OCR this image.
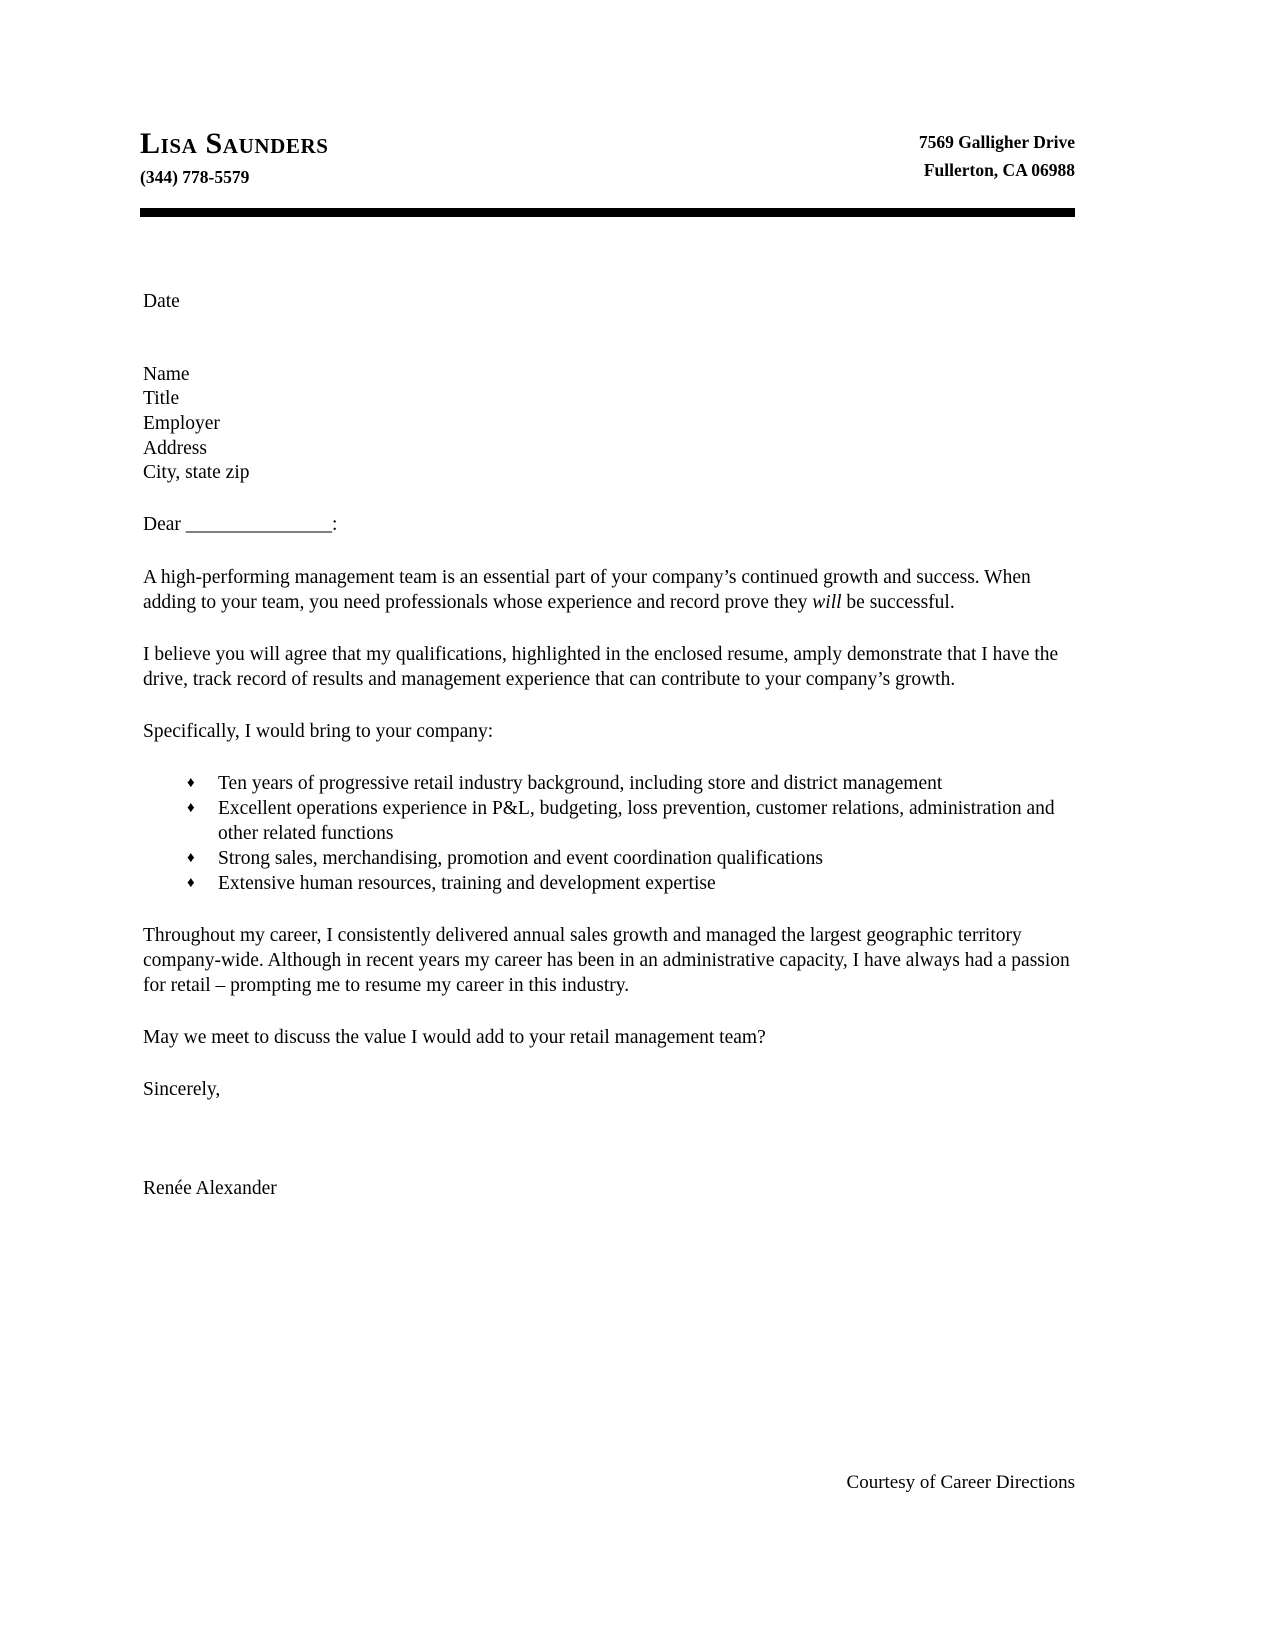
Lisa Saunders
(344) 778-5579
7569 Galligher Drive
Fullerton, CA 06988

Date

Name

Title

Employer

Address

City, state zip

Dear _______________:

A high-performing management team is an essential part of your company’s continued growth and success. When adding to your team, you need professionals whose experience and record prove they will be successful.

I believe you will agree that my qualifications, highlighted in the enclosed resume, amply demonstrate that I have the drive, track record of results and management experience that can contribute to your company’s growth.

Specifically, I would bring to your company:

♦ Ten years of progressive retail industry background, including store and district management
♦ Excellent operations experience in P&L, budgeting, loss prevention, customer relations, administration and other related functions
♦ Strong sales, merchandising, promotion and event coordination qualifications
♦ Extensive human resources, training and development expertise

Throughout my career, I consistently delivered annual sales growth and managed the largest geographic territory company-wide. Although in recent years my career has been in an administrative capacity, I have always had a passion for retail – prompting me to resume my career in this industry.

May we meet to discuss the value I would add to your retail management team?

Sincerely,

Renée Alexander

Courtesy of Career Directions
